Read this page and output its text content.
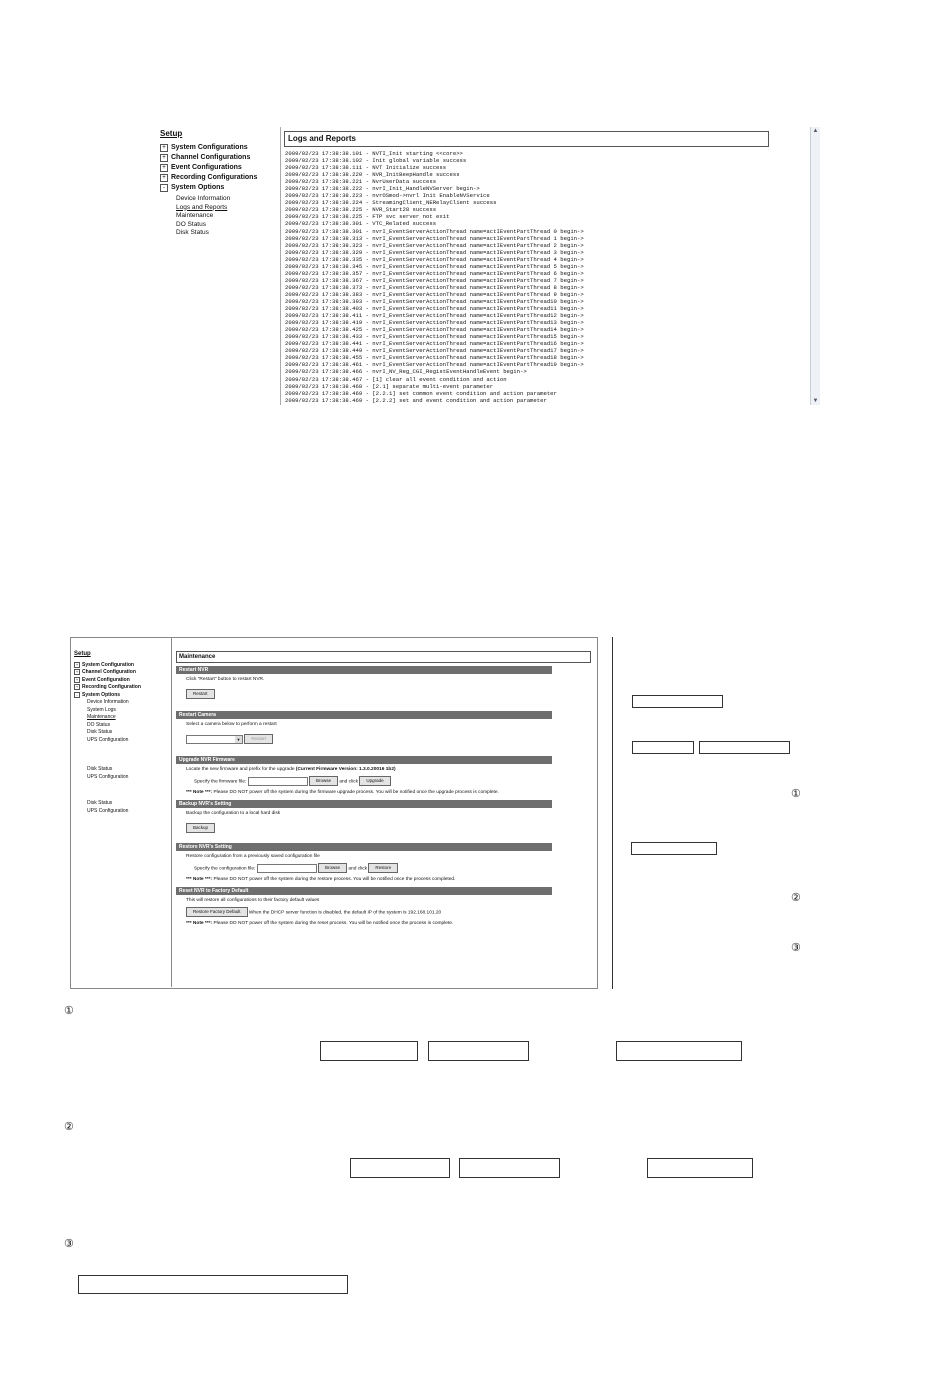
Setup
+ System Configurations
+ Channel Configurations
+ Event Configurations
+ Recording Configurations
- System Options
Device Information
Logs and Reports
Maintenance
DO Status
Disk Status
Logs and Reports
2009/02/23 17:38:38.101 - NVTI_Init starting <<core>>
2009/02/23 17:38:38.102 - Init global variable success
2009/02/23 17:38:38.111 - NVT Initialize success
2009/02/23 17:38:38.220 - NVR_InitBeepHandle success
2009/02/23 17:38:38.221 - NvrUserData success
2009/02/23 17:38:38.222 - nvrI_Init_HandleNVServer begin->
2009/02/23 17:38:38.223 - nvrOSmod->nvrl Init EnableNVService
2009/02/23 17:38:38.224 - StreamingClient_NERelayClient success
2009/02/23 17:38:38.225 - NVR_Start28 success
2009/02/23 17:38:38.225 - FTP svc server not exit
2009/02/23 17:38:38.301 - VTC_Related success
2009/02/23 17:38:38.301 - nvrI_EventServerActionThread name=actIEventPartThread 0 begin->
2009/02/23 17:38:38.313 - nvrI_EventServerActionThread name=actIEventPartThread 1 begin->
2009/02/23 17:38:38.323 - nvrI_EventServerActionThread name=actIEventPartThread 2 begin->
2009/02/23 17:38:38.329 - nvrI_EventServerActionThread name=actIEventPartThread 3 begin->
2009/02/23 17:38:38.335 - nvrI_EventServerActionThread name=actIEventPartThread 4 begin->
2009/02/23 17:38:38.345 - nvrI_EventServerActionThread name=actIEventPartThread 5 begin->
2009/02/23 17:38:38.357 - nvrI_EventServerActionThread name=actIEventPartThread 6 begin->
2009/02/23 17:38:38.367 - nvrI_EventServerActionThread name=actIEventPartThread 7 begin->
2009/02/23 17:38:38.373 - nvrI_EventServerActionThread name=actIEventPartThread 8 begin->
2009/02/23 17:38:38.383 - nvrI_EventServerActionThread name=actIEventPartThread 9 begin->
2009/02/23 17:38:38.393 - nvrI_EventServerActionThread name=actIEventPartThread10 begin->
2009/02/23 17:38:38.403 - nvrI_EventServerActionThread name=actIEventPartThread11 begin->
2009/02/23 17:38:38.411 - nvrI_EventServerActionThread name=actIEventPartThread12 begin->
2009/02/23 17:38:38.419 - nvrI_EventServerActionThread name=actIEventPartThread13 begin->
2009/02/23 17:38:38.425 - nvrI_EventServerActionThread name=actIEventPartThread14 begin->
2009/02/23 17:38:38.433 - nvrI_EventServerActionThread name=actIEventPartThread15 begin->
2009/02/23 17:38:38.441 - nvrI_EventServerActionThread name=actIEventPartThread16 begin->
2009/02/23 17:38:38.449 - nvrI_EventServerActionThread name=actIEventPartThread17 begin->
2009/02/23 17:38:38.455 - nvrI_EventServerActionThread name=actIEventPartThread18 begin->
2009/02/23 17:38:38.461 - nvrI_EventServerActionThread name=actIEventPartThread19 begin->
2009/02/23 17:38:38.466 - nvrI_NV_Reg_CGI_RegistEventHandleEvent begin->
2009/02/23 17:38:38.467 - [1] clear all event condition and action
2009/02/23 17:38:38.468 - [2.1] separate multi-event parameter
2009/02/23 17:38:38.469 - [2.2.1] set common event condition and action parameter
2009/02/23 17:38:38.469 - [2.2.2] set and event condition and action parameter
▲
▼
Setup
+ System Configuration
+ Channel Configuration
+ Event Configuration
+ Recording Configuration
- System Options
Device Information
System Logs
Maintenance
DO Status
Disk Status
UPS Configuration
Disk Status
UPS Configuration
Disk Status
UPS Configuration
Maintenance
Restart NVR
Click "Restart" button to restart NVR.
Restart
Restart Camera
Select a camera below to perform a restart
▼	Restart
Upgrade NVR Firmware
Locate the new firmware and prefix for the upgrade (Current Firmware Version: 1.3.0.20016 1b2)
Specify the firmware file:	Browse and click Upgrade
*** Note ***: Please DO NOT power off the system during the firmware upgrade process. You will be notified once the upgrade process is complete.
Backup NVR's Setting
Backup the configuration to a local hard disk
Backup
Restore NVR's Setting
Restore configuration from a previously saved configuration file
Specify the configuration file:	Browse and click Restore
*** Note ***: Please DO NOT power off the system during the restore process. You will be notified once the process completed.
Reset NVR to Factory Default
This will restore all configurations to their factory default values
Restore Factory Default When the DHCP server function is disabled, the default IP of the system is 192.168.101.20
*** Note ***: Please DO NOT power off the system during the reset process. You will be notified once the process is complete.
①
②
③
①
②
③
